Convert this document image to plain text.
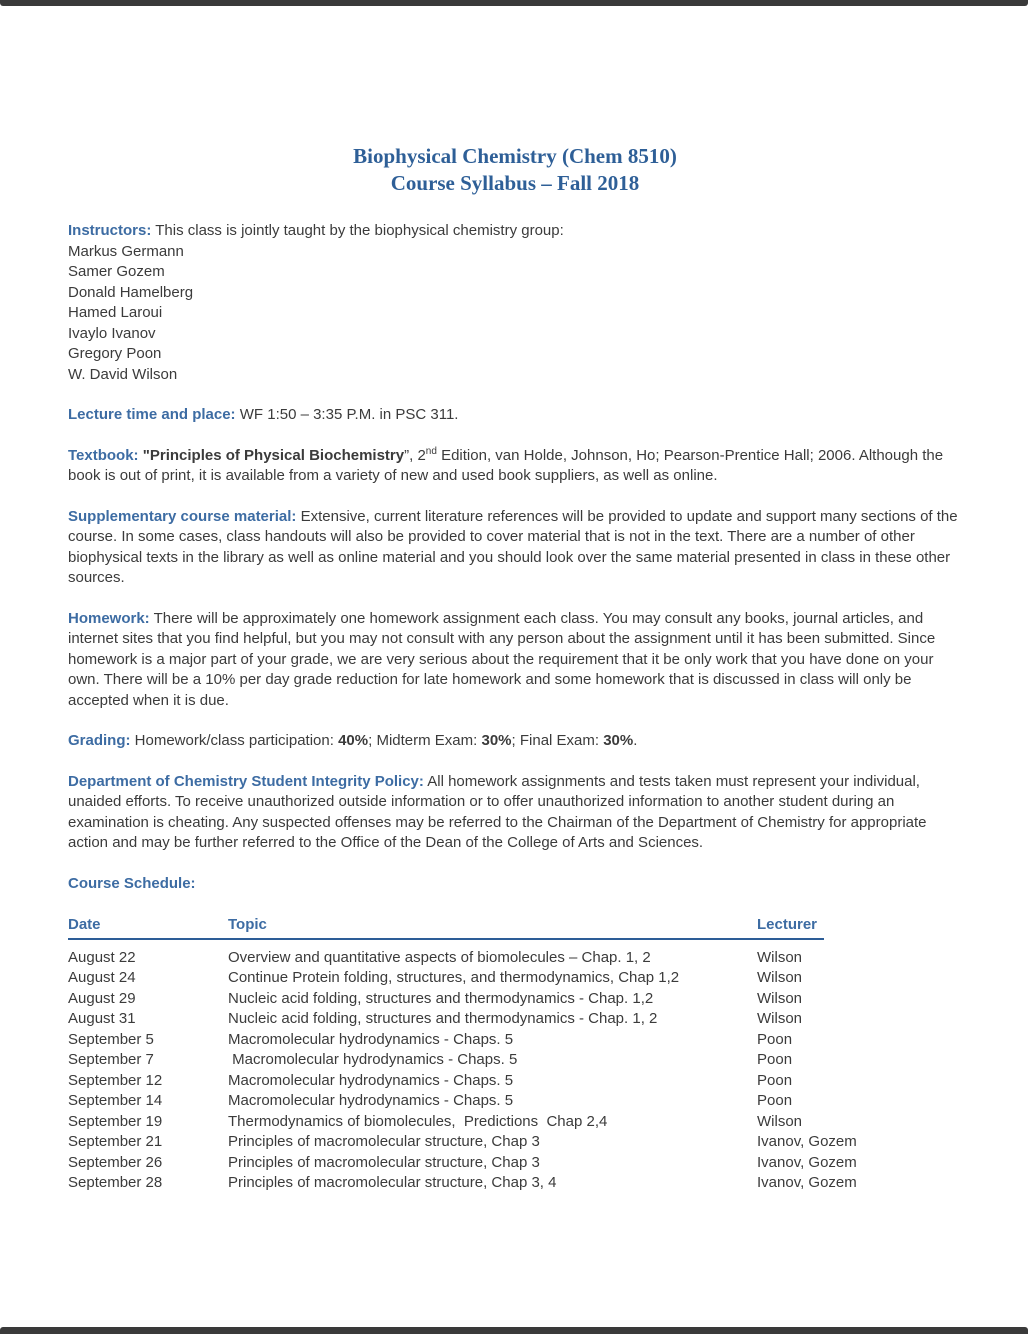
Biophysical Chemistry (Chem 8510)
Course Syllabus – Fall 2018

Instructors: This class is jointly taught by the biophysical chemistry group:

Markus Germann
Samer Gozem
Donald Hamelberg
Hamed Laroui
Ivaylo Ivanov
Gregory Poon
W. David Wilson

Lecture time and place: WF 1:50 – 3:35 P.M. in PSC 311.

Textbook: "Principles of Physical Biochemistry”, 2nd Edition, van Holde, Johnson, Ho; Pearson-Prentice Hall; 2006. Although the book is out of print, it is available from a variety of new and used book suppliers, as well as online.

Supplementary course material: Extensive, current literature references will be provided to update and support many sections of the course. In some cases, class handouts will also be provided to cover material that is not in the text. There are a number of other biophysical texts in the library as well as online material and you should look over the same material presented in class in these other sources.

Homework: There will be approximately one homework assignment each class. You may consult any books, journal articles, and internet sites that you find helpful, but you may not consult with any person about the assignment until it has been submitted. Since homework is a major part of your grade, we are very serious about the requirement that it be only work that you have done on your own. There will be a 10% per day grade reduction for late homework and some homework that is discussed in class will only be accepted when it is due.

Grading: Homework/class participation: 40%; Midterm Exam: 30%; Final Exam: 30%.

Department of Chemistry Student Integrity Policy: All homework assignments and tests taken must represent your individual, unaided efforts. To receive unauthorized outside information or to offer unauthorized information to another student during an examination is cheating. Any suspected offenses may be referred to the Chairman of the Department of Chemistry for appropriate action and may be further referred to the Office of the Dean of the College of Arts and Sciences.

Course Schedule:

Date	Topic	Lecturer
August 22	Overview and quantitative aspects of biomolecules – Chap. 1, 2	Wilson
August 24	Continue Protein folding, structures, and thermodynamics, Chap 1,2	Wilson
August 29	Nucleic acid folding, structures and thermodynamics - Chap. 1,2	Wilson
August 31	Nucleic acid folding, structures and thermodynamics - Chap. 1, 2	Wilson
September 5	Macromolecular hydrodynamics - Chaps. 5	Poon
September 7	Macromolecular hydrodynamics - Chaps. 5	Poon
September 12	Macromolecular hydrodynamics - Chaps. 5	Poon
September 14	Macromolecular hydrodynamics - Chaps. 5	Poon
September 19	Thermodynamics of biomolecules,  Predictions  Chap 2,4	Wilson
September 21	Principles of macromolecular structure, Chap 3	Ivanov, Gozem
September 26	Principles of macromolecular structure, Chap 3	Ivanov, Gozem
September 28	Principles of macromolecular structure, Chap 3, 4	Ivanov, Gozem
